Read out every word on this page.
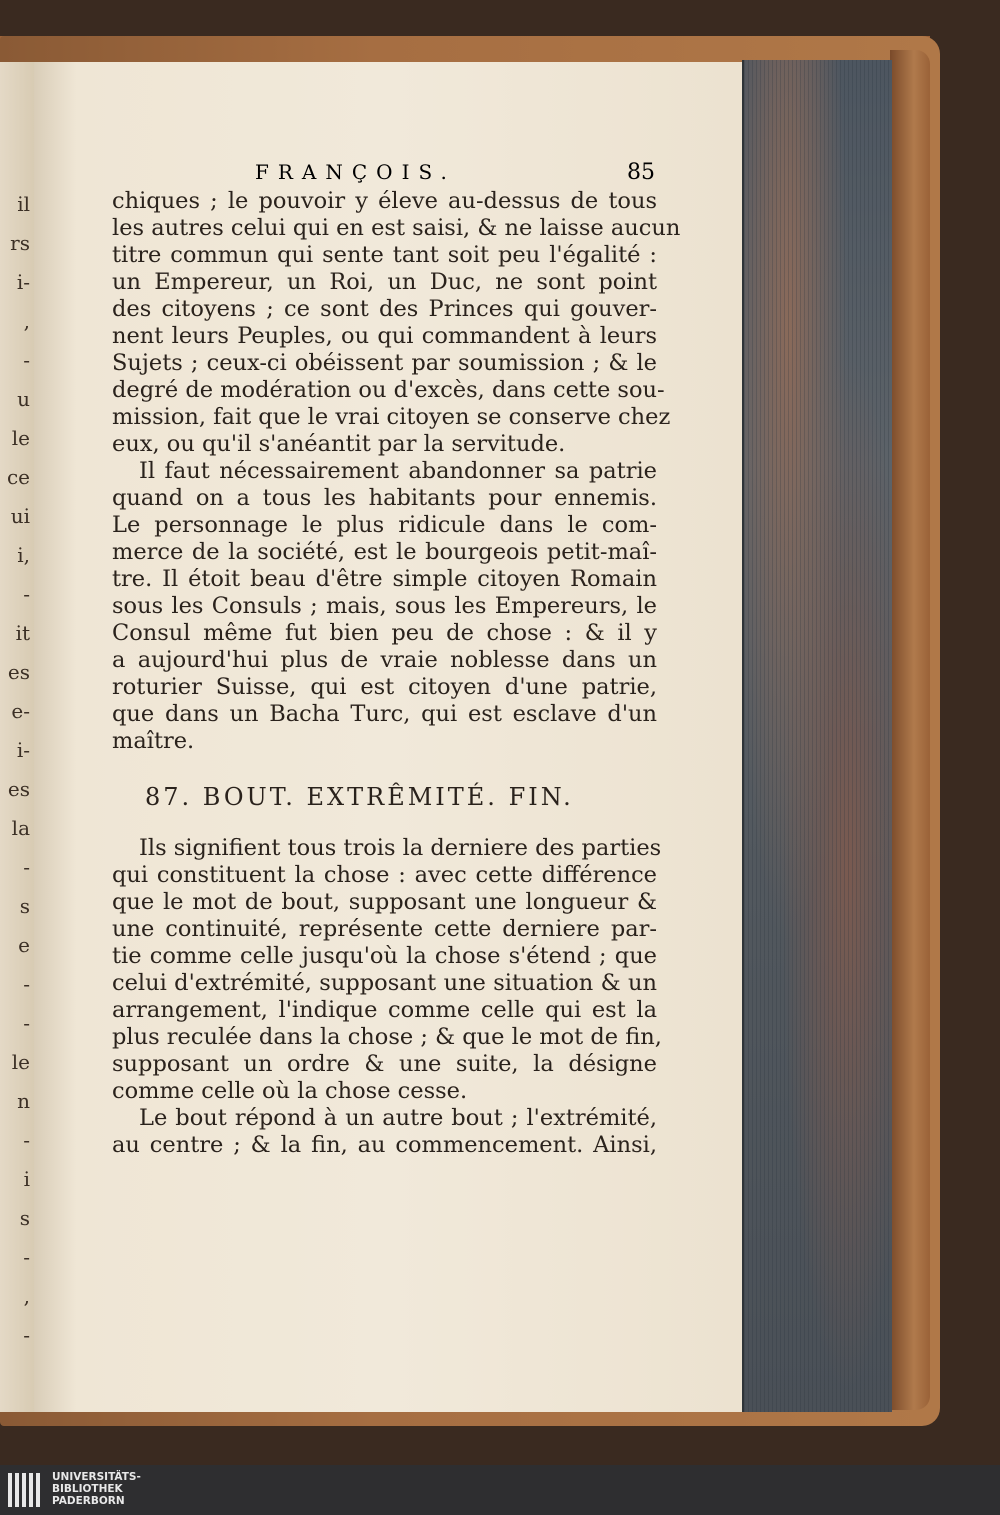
il
rs
i-
,
-
u
le
ce
ui
i,
-
it
es
e-
i-
es
la
-
s
e
-
-
le
n
-
i
s
-
,
-
FRANÇOIS.	85
chiques ; le pouvoir y éleve au-dessus de tous
les autres celui qui en est saisi, & ne laisse aucun
titre commun qui sente tant soit peu l'égalité :
un Empereur, un Roi, un Duc, ne sont point
des citoyens ; ce sont des Princes qui gouver-
nent leurs Peuples, ou qui commandent à leurs
Sujets ; ceux-ci obéissent par soumission ; & le
degré de modération ou d'excès, dans cette sou-
mission, fait que le vrai citoyen se conserve chez
eux, ou qu'il s'anéantit par la servitude.
Il faut nécessairement abandonner sa patrie
quand on a tous les habitants pour ennemis.
Le personnage le plus ridicule dans le com-
merce de la société, est le bourgeois petit-maî-
tre. Il étoit beau d'être simple citoyen Romain
sous les Consuls ; mais, sous les Empereurs, le
Consul même fut bien peu de chose : & il y
a aujourd'hui plus de vraie noblesse dans un
roturier Suisse, qui est citoyen d'une patrie,
que dans un Bacha Turc, qui est esclave d'un
maître.
87. BOUT. EXTRÊMITÉ. FIN.
Ils signifient tous trois la derniere des parties
qui constituent la chose : avec cette différence
que le mot de bout, supposant une longueur &
une continuité, représente cette derniere par-
tie comme celle jusqu'où la chose s'étend ; que
celui d'extrémité, supposant une situation & un
arrangement, l'indique comme celle qui est la
plus reculée dans la chose ; & que le mot de fin,
supposant un ordre & une suite, la désigne
comme celle où la chose cesse.
Le bout répond à un autre bout ; l'extrémité,
au centre ; & la fin, au commencement. Ainsi,
UNIVERSITÄTS-
BIBLIOTHEK
PADERBORN
